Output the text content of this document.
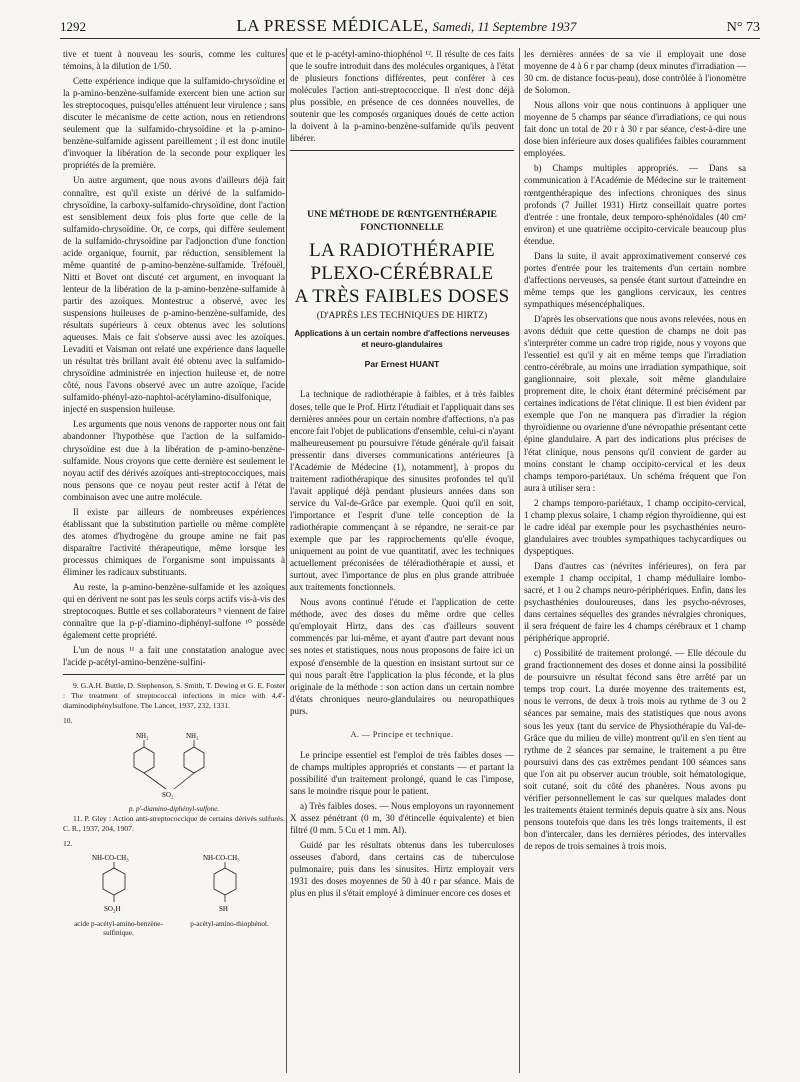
1292	LA PRESSE MÉDICALE, Samedi, 11 Septembre 1937	N° 73

tive et tuent à nouveau les souris, comme les cultures témoins, à la dilution de 1/50.

Cette expérience indique que la sulfamido-chrysoïdine et la p-amino-benzène-sulfamide exercent bien une action sur les streptocoques, puisqu'elles atténuent leur virulence ; sans discuter le mécanisme de cette action, nous en retiendrons seulement que la sulfamido-chrysoïdine et la p-amino-benzène-sulfamide agissent pareillement ; il est donc inutile d'invoquer la libération de la seconde pour expliquer les propriétés de la première.

Un autre argument, que nous avons d'ailleurs déjà fait connaître, est qu'il existe un dérivé de la sulfamido-chrysoïdine, la carboxy-sulfamido-chrysoïdine, dont l'action est sensiblement deux fois plus forte que celle de la sulfamido-chrysoïdine. Or, ce corps, qui diffère seulement de la sulfamido-chrysoïdine par l'adjonction d'une fonction acide organique, fournit, par réduction, sensiblement la même quantité de p-amino-benzène-sulfamide. Tréfouël, Nitti et Bovet ont discuté cet argument, en invoquant la lenteur de la libération de la p-amino-benzène-sulfamide à partir des azoïques. Montestruc a observé, avec les suspensions huileuses de p-amino-benzène-sulfamide, des résultats supérieurs à ceux obtenus avec les solutions aqueuses. Mais ce fait s'observe aussi avec les azoïques. Levaditi et Vaisman ont relaté une expérience dans laquelle un résultat très brillant avait été obtenu avec la sulfamido-chrysoïdine administrée en injection huileuse et, de notre côté, nous l'avons observé avec un autre azoïque, l'acide sulfamido-phényl-azo-naphtol-acétylamino-disulfonique, injecté en suspension huileuse.

Les arguments que nous venons de rapporter nous ont fait abandonner l'hypothèse que l'action de la sulfamido-chrysoïdine est due à la libération de p-amino-benzène-sulfamide. Nous croyons que cette dernière est seulement le noyau actif des dérivés azoïques anti-streptococciques, mais nous pensons que ce noyau peut rester actif à l'état de combinaison avec une autre molécule.

Il existe par ailleurs de nombreuses expériences établissant que la substitution partielle ou même complète des atomes d'hydrogène du groupe amine ne fait pas disparaître l'activité thérapeutique, même lorsque les processus chimiques de l'organisme sont impuissants à éliminer les radicaux substituants.

Au reste, la p-amino-benzène-sulfamide et les azoïques qui en dérivent ne sont pas les seuls corps actifs vis-à-vis des streptocoques. Buttle et ses collaborateurs ⁹ viennent de faire connaître que la p-p'-diamino-diphényl-sulfone ¹⁰ possède également cette propriété.

L'un de nous ¹¹ a fait une constatation analogue avec l'acide p-acétyl-amino-benzène-sulfini-

9. G.A.H. Buttle, D. Stephenson, S. Smith, T. Dewing et G. E. Foster : The treatment of streptococcal infections in mice with 4,4'-diaminodiphénylsulfone. The Lancet, 1937, 232, 1331.

10.
NH₂	NH₂
SO₂
p. p'-diamino-diphényl-sulfone.

11. P. Gley : Action anti-streptococcique de certains dérivés sulfurés. C. R., 1937, 204, 1907.

12.
NH-CO-CH₃
SO₂H
NH-CO-CH₃
SH
acide p-acétyl-amino-benzène-sulfinique.
p-acétyl-amino-thiophénol.

que et le p-acétyl-amino-thiophénol ¹². Il résulte de ces faits que le soufre introduit dans des molécules organiques, à l'état de plusieurs fonctions différentes, peut conférer à ces molécules l'action anti-streptococcique. Il n'est donc déjà plus possible, en présence de ces données nouvelles, de soutenir que les composés organiques doués de cette action la doivent à la p-amino-benzène-sulfamide qu'ils peuvent libérer.

UNE MÉTHODE DE RŒNTGENTHÉRAPIE FONCTIONNELLE
LA RADIOTHÉRAPIE
PLEXO-CÉRÉBRALE
A TRÈS FAIBLES DOSES
(D'APRÈS LES TECHNIQUES DE HIRTZ)
Applications à un certain nombre d'affections nerveuses et neuro-glandulaires
Par Ernest HUANT

La technique de radiothérapie à faibles, et à très faibles doses, telle que le Prof. Hirtz l'étudiait et l'appliquait dans ses dernières années pour un certain nombre d'affections, n'a pas encore fait l'objet de publications d'ensemble, celui-ci n'ayant malheureusement pu poursuivre l'étude générale qu'il faisait pressentir dans diverses communications antérieures [à l'Académie de Médecine (1), notamment], à propos du traitement radiothérapique des sinusites profondes tel qu'il l'avait appliqué déjà pendant plusieurs années dans son service du Val-de-Grâce par exemple. Quoi qu'il en soit, l'importance et l'esprit d'une telle conception de la radiothérapie commençant à se répandre, ne serait-ce par exemple que par les rapprochements qu'elle évoque, uniquement au point de vue quantitatif, avec les techniques actuellement préconisées de téléradiothérapie et aussi, et surtout, avec l'importance de plus en plus grande attribuée aux traitements fonctionnels.

Nous avons continué l'étude et l'application de cette méthode, avec des doses du même ordre que celles qu'employait Hirtz, dans des cas d'ailleurs souvent commencés par lui-même, et ayant d'autre part devant nous ses notes et statistiques, nous nous proposons de faire ici un exposé d'ensemble de la question en insistant surtout sur ce qui nous paraît être l'application la plus féconde, et la plus originale de la méthode : son action dans un certain nombre d'états chroniques neuro-glandulaires ou neuropathiques purs.

A. — Principe et technique.

Le principe essentiel est l'emploi de très faibles doses — de champs multiples appropriés et constants — et partant la possibilité d'un traitement prolongé, quand le cas l'impose, sans le moindre risque pour le patient.

a) Très faibles doses. — Nous employons un rayonnement X assez pénétrant (0 m, 30 d'étincelle équivalente) et bien filtré (0 mm. 5 Cu et 1 mm. Al).

Guidé par les résultats obtenus dans les tuberculoses osseuses d'abord, dans certains cas de tuberculose pulmonaire, puis dans les sinusites. Hirtz employait vers 1931 des doses moyennes de 50 à 40 r par séance. Mais de plus en plus il s'était employé à diminuer encore ces doses et

les dernières années de sa vie il employait une dose moyenne de 4 à 6 r par champ (deux minutes d'irradiation — 30 cm. de distance focus-peau), dose contrôlée à l'ionomètre de Solomon.

Nous allons voir que nous continuons à appliquer une moyenne de 5 champs par séance d'irradiations, ce qui nous fait donc un total de 20 r à 30 r par séance, c'est-à-dire une dose bien inférieure aux doses qualifiées faibles couramment employées.

b) Champs multiples appropriés. — Dans sa communication à l'Académie de Médecine sur le traitement rœntgenthérapique des infections chroniques des sinus profonds (7 Juillet 1931) Hirtz conseillait quatre portes d'entrée : une frontale, deux temporo-sphénoïdales (40 cm² environ) et une quatrième occipito-cervicale beaucoup plus étendue.

Dans la suite, il avait approximativement conservé ces portes d'entrée pour les traitements d'un certain nombre d'affections nerveuses, sa pensée étant surtout d'atteindre en même temps que les ganglions cervicaux, les centres sympathiques mésencéphaliques.

D'après les observations que nous avons relevées, nous en avons déduit que cette question de champs ne doit pas s'interpréter comme un cadre trop rigide, nous y voyons que l'essentiel est qu'il y ait en même temps que l'irradiation centro-cérébrale, au moins une irradiation sympathique, soit ganglionnaire, soit plexale, soit même glandulaire proprement dite, le choix étant déterminé précisément par certaines indications de l'état clinique. Il est bien évident par exemple que l'on ne manquera pas d'irradier la région thyroïdienne ou ovarienne d'une névropathie présentant cette épine glandulaire. A part des indications plus précises de l'état clinique, nous pensons qu'il convient de garder au moins constant le champ occipito-cervical et les deux champs temporo-pariétaux. Un schéma fréquent que l'on aura à utiliser sera :

2 champs temporo-pariétaux, 1 champ occipito-cervical, 1 champ plexus solaire, 1 champ région thyroïdienne, qui est le cadre idéal par exemple pour les psychasthénies neuro-glandulaires avec troubles sympathiques tachycardiques ou dyspeptiques.

Dans d'autres cas (névrites inférieures), on fera par exemple 1 champ occipital, 1 champ médullaire lombo-sacré, et 1 ou 2 champs neuro-périphériques. Enfin, dans les psychasthénies douloureuses, dans les psycho-névroses, dans certaines séquelles des grandes névralgies chroniques, il sera fréquent de faire les 4 champs cérébraux et 1 champ périphérique approprié.

c) Possibilité de traitement prolongé. — Elle découle du grand fractionnement des doses et donne ainsi la possibilité de poursuivre un résultat fécond sans être arrêté par un temps trop court. La durée moyenne des traitements est, nous le verrons, de deux à trois mois au rythme de 3 ou 2 séances par semaine, mais des statistiques que nous avons sous les yeux (tant du service de Physiothérapie du Val-de-Grâce que du milieu de ville) montrent qu'il en s'en tient au rythme de 2 séances par semaine, le traitement a pu être poursuivi dans des cas extrêmes pendant 100 séances sans que l'on ait pu observer aucun trouble, soit hématologique, soit cutané, soit du côté des phanères. Nous avons pu vérifier personnellement le cas sur quelques malades dont les traitements étaient terminés depuis quatre à six ans. Nous pensons toutefois que dans les très longs traitements, il est bon d'intercaler, dans les dernières périodes, des intervalles de repos de trois semaines à trois mois.
